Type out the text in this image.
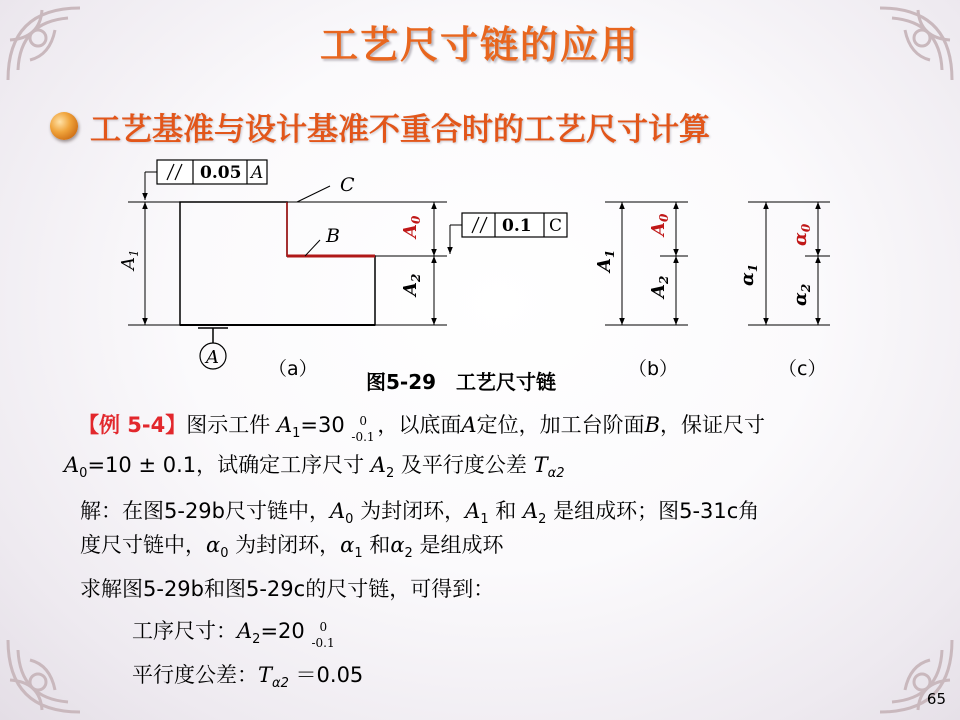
工艺尺寸链的应用
工艺基准与设计基准不重合时的工艺尺寸计算
0.05 A
0.1 C
C
B
A
$A_1$
$A_0$
$A_2$
$A_1$
$A_0$
$A_2$	$\alpha_1$
$\alpha_0$
$\alpha_2$
（a）	（b）	（c）
图5-29　工艺尺寸链
【例 5-4】图示工件 $A_1=30$ 0
-0.1 ，以底面A定位，加工台阶面B，保证尺寸
$A_0=10 \pm 0.1$，试确定工序尺寸 $A_2$ 及平行度公差 $T_{\alpha 2}$
解：在图5-29b尺寸链中，$A_0$ 为封闭环，$A_1$ 和 $A_2$ 是组成环；图5-31c角
度尺寸链中，$\alpha_0$ 为封闭环，$\alpha_1$ 和$\alpha_2$ 是组成环
求解图5-29b和图5-29c的尺寸链，可得到：
工序尺寸：$A_2=20$ 0
-0.1
平行度公差：$T_{\alpha 2} =0.05$
65
